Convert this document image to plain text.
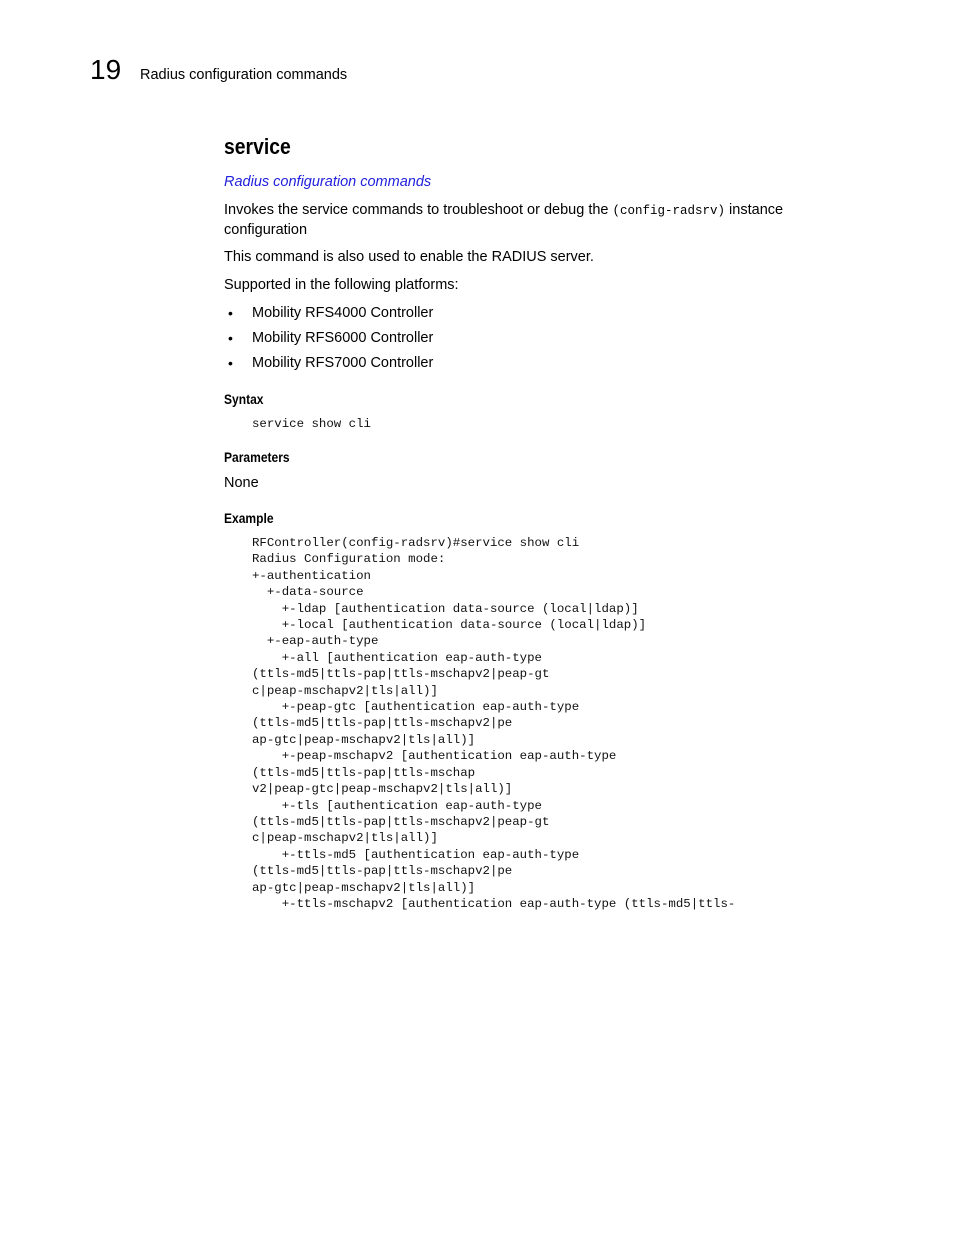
19 Radius configuration commands
service
Radius configuration commands

Invokes the service commands to troubleshoot or debug the (config-radsrv) instance
configuration

This command is also used to enable the RADIUS server.

Supported in the following platforms:

• Mobility RFS4000 Controller
• Mobility RFS6000 Controller
• Mobility RFS7000 Controller
Syntax
service show cli
Parameters

None

Example
RFController(config-radsrv)#service show cli
Radius Configuration mode:
+-authentication
+-data-source
+-ldap [authentication data-source (local|ldap)]
+-local [authentication data-source (local|ldap)]
+-eap-auth-type
+-all [authentication eap-auth-type
(ttls-md5|ttls-pap|ttls-mschapv2|peap-gt
c|peap-mschapv2|tls|all)]
+-peap-gtc [authentication eap-auth-type
(ttls-md5|ttls-pap|ttls-mschapv2|pe
ap-gtc|peap-mschapv2|tls|all)]
+-peap-mschapv2 [authentication eap-auth-type
(ttls-md5|ttls-pap|ttls-mschap
v2|peap-gtc|peap-mschapv2|tls|all)]
+-tls [authentication eap-auth-type
(ttls-md5|ttls-pap|ttls-mschapv2|peap-gt
c|peap-mschapv2|tls|all)]
+-ttls-md5 [authentication eap-auth-type
(ttls-md5|ttls-pap|ttls-mschapv2|pe
ap-gtc|peap-mschapv2|tls|all)]
+-ttls-mschapv2 [authentication eap-auth-type (ttls-md5|ttls-
